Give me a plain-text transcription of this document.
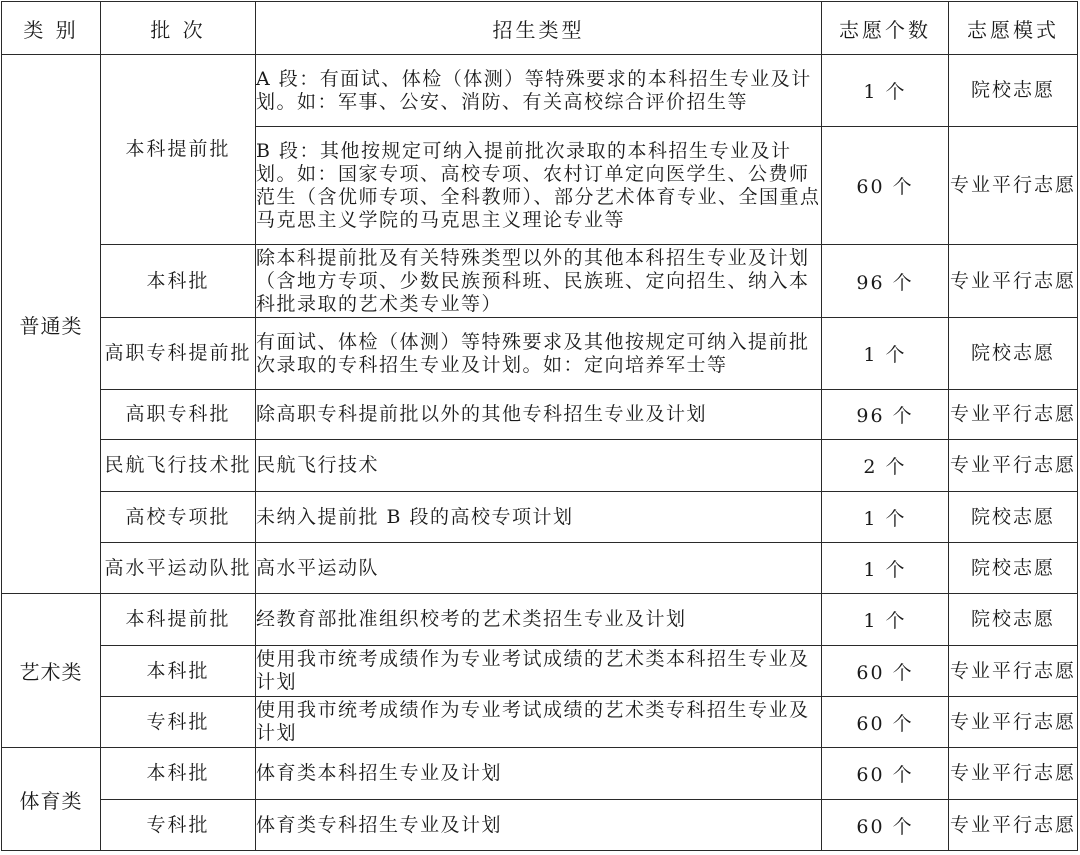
类 别	批 次	招生类型	志愿个数	志愿模式
普通类	本科提前批	A 段：有面试、体检（体测）等特殊要求的本科招生专业及计划。如：军事、公安、消防、有关高校综合评价招生等	1 个	院校志愿
		B 段：其他按规定可纳入提前批次录取的本科招生专业及计划。如：国家专项、高校专项、农村订单定向医学生、公费师范生（含优师专项、全科教师）、部分艺术体育专业、全国重点马克思主义学院的马克思主义理论专业等	60 个	专业平行志愿
	本科批	除本科提前批及有关特殊类型以外的其他本科招生专业及计划（含地方专项、少数民族预科班、民族班、定向招生、纳入本科批录取的艺术类专业等）	96 个	专业平行志愿
	高职专科提前批	有面试、体检（体测）等特殊要求及其他按规定可纳入提前批次录取的专科招生专业及计划。如：定向培养军士等	1 个	院校志愿
	高职专科批	除高职专科提前批以外的其他专科招生专业及计划	96 个	专业平行志愿
	民航飞行技术批	民航飞行技术	2 个	专业平行志愿
	高校专项批	未纳入提前批 B 段的高校专项计划	1 个	院校志愿
	高水平运动队批	高水平运动队	1 个	院校志愿

艺术类	本科提前批	经教育部批准组织校考的艺术类招生专业及计划	1 个	院校志愿
	本科批	使用我市统考成绩作为专业考试成绩的艺术类本科招生专业及计划	60 个	专业平行志愿
	专科批	使用我市统考成绩作为专业考试成绩的艺术类专科招生专业及计划	60 个	专业平行志愿
体育类	本科批	体育类本科招生专业及计划	60 个	专业平行志愿
	专科批	体育类专科招生专业及计划	60 个	专业平行志愿
